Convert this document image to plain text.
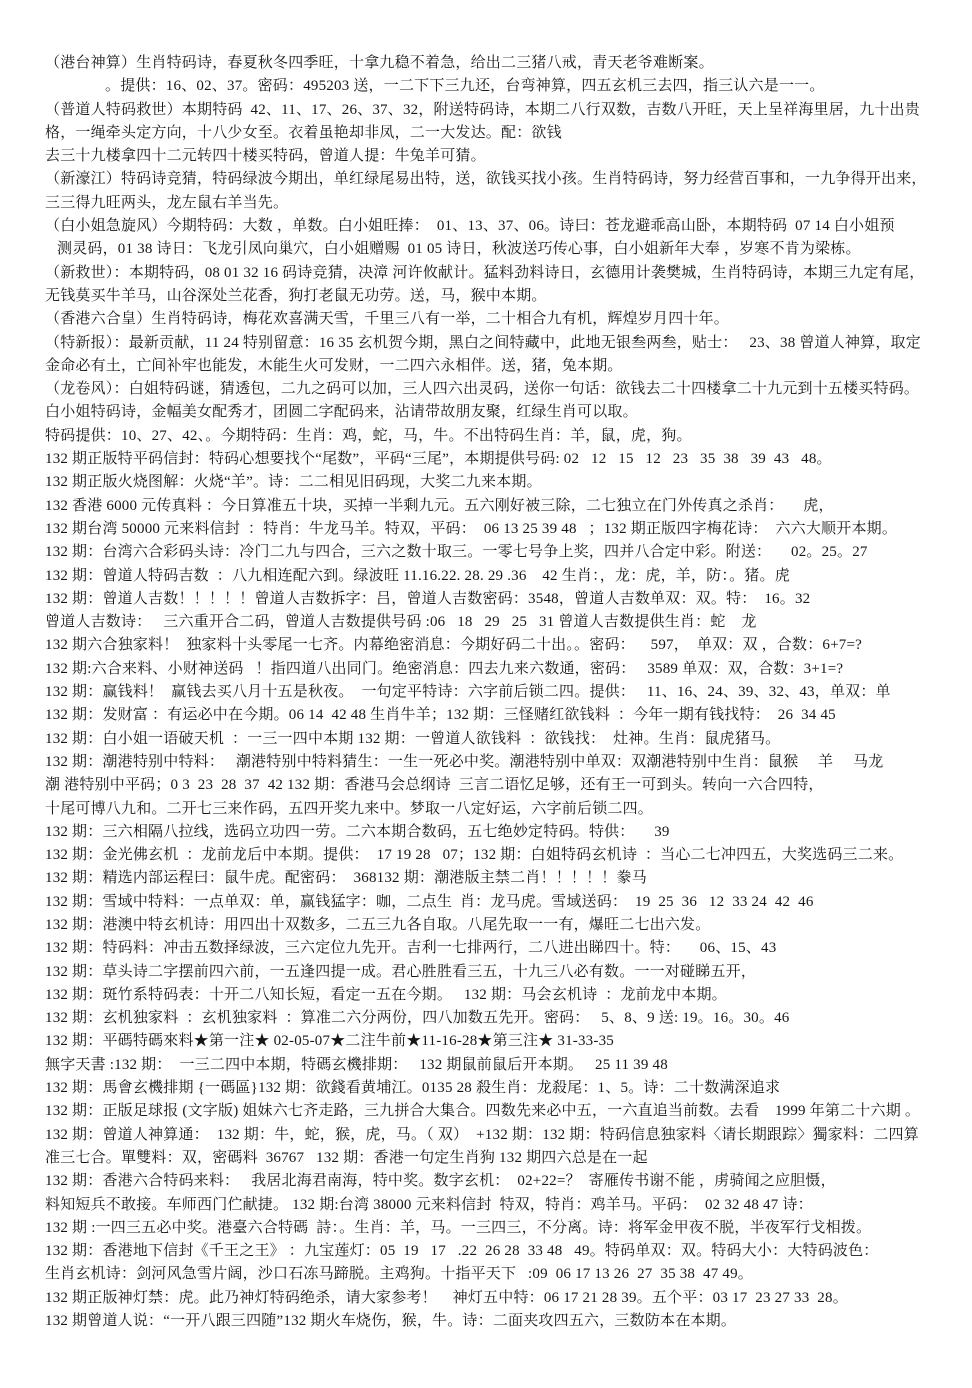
（港台神算）生肖特码诗，春夏秋冬四季旺，十拿九稳不着急，给出二三猪八戒，青天老爷难断案。

。提供：16、02、37。密码：495203 送，一二下下三九还，台弯神算，四五玄机三去四，指三认六是一一。

（普道人特码救世）本期特码  42、11、17、26、37、32，附送特码诗，本期二八行双数，吉数八开旺，天上呈祥海里居，九十出贵

格，一绳牵头定方向，十八少女至。衣着虽艳却非凤，二一大发达。配：欲钱

去三十九楼拿四十二元转四十楼买特码，曾道人提：牛兔羊可猜。

（新濠江）特码诗竞猜，特码绿波今期出，单红绿尾易出特，送，欲钱买找小孩。生肖特码诗，努力经营百事和，一九争得开出来，

三三得九旺两头，龙左鼠右羊当先。

（白小姐急旋风）今期特码：大数 ，单数。白小姐旺捧：  01、13、37、06。诗曰：苍龙避乖高山卧，本期特码  07 14 白小姐预

测灵码，01 38 诗日：飞龙引凤向巢穴，白小姐赠赐  01 05 诗日，秋波送巧传心事，白小姐新年大奉 ，岁寒不肯为梁栋。

（新救世）：本期特码，08 01 32 16 码诗竞猜，决漳 河许攸献计。猛料劲料诗日，玄德用计袭樊城，生肖特码诗，本期三九定有尾，

无钱莫买牛羊马，山谷深处兰花香，狗打老鼠无功劳。送，马，猴中本期。

（香港六合皇）生肖特码诗，梅花欢喜满天雪，千里三八有一举，二十相合九有机，辉煌岁月四十年。

（特新报）：最新贡献，11 24 特别留意：16 35 玄机贺今期，黑白之间特藏中，此地无银叁两叁，贴士：   23、38 曾道人神算，取定

金命必有土，亡间补牢也能发，木能生火可发财，一二四六永相伴。送，猪，兔本期。

（龙卷风）：白姐特码谜，猜透包，二九之码可以加，三人四六出灵码，送你一句话：欲钱去二十四楼拿二十九元到十五楼买特码。

白小姐特码诗，金幅美女配秀才，团圆二字配码来，沾请带故朋友聚，红绿生肖可以取。

特码提供：10、27、42、。今期特码：生肖：鸡，蛇，马，牛。不出特码生肖：羊，鼠，虎，狗。

132 期正版特平码信封：特码心想要找个“尾数”，平码“三尾”，本期提供号码: 02   12   15   12   23   35  38   39  43   48。

132 期正版火烧图解：火烧“羊”。诗：二二相见旧码现，大奖二九来本期。

132 香港 6000 元传真料 ：今日算准五十块，买掉一半剩九元。五六刚好被三除，二七独立在门外传真之杀肖：     虎，

132 期台湾 50000 元来料信封  ：特肖：牛龙马羊。特双，平码：  06 13 25 39 48   ；132 期正版四字梅花诗：  六六大顺开本期。

132 期：台湾六合彩码头诗：冷门二九与四合，三六之数十取三。一零七号争上奖，四并八合定中彩。附送：     02。25。27

132 期：曾道人特码吉数  ：八九相连配六到。绿波旺 11.16.22. 28. 29 .36    42 生肖：，龙：虎，羊，防：。猪。虎

132 期：曾道人吉数！！！！！曾道人吉数拆字：吕，曾道人吉数密码：3548，曾道人吉数单双：双。特：  16。32

曾道人吉数诗：   三六重开合二码，曾道人吉数提供号码 :06   18   29   25   31 曾道人吉数提供生肖：蛇    龙

132 期六合独家料！  独家料十头零尾一七齐。内幕绝密消息：今期好码二十出。。密码：    597，  单双：双 ，合数：6+7=?

132 期:六合来料、小财神送码   ！指四道八出同门。绝密消息：四去九来六数通，密码：   3589 单双：双，合数：3+1=?

132 期：赢钱料！  赢钱去买八月十五是秋夜。  一句定平特诗：六字前后锁二四。提供：   11、16、24、39、32、43，单双：单

132 期：发财富 ：有运必中在今期。06 14  42 48 生肖牛羊；132 期：三怪赌红欲钱料  ：今年一期有钱找特：  26  34 45

132 期：白小姐一语破天机  ：一三一四中本期 132 期：一曾道人欲钱料  ：欲钱找：  灶神。生肖：鼠虎猪马。

132 期：潮港特别中特料：   潮港特别中特料猜生：一生一死必中奖。潮港特别中单双：双潮港特别中生肖：鼠猴     羊     马龙

潮 港特别中平码；0 3  23  28  37  42 132 期：香港马会总纲诗  三言二语忆足够，还有王一可到头。转向一六合四特，

十尾可博八九和。二开七三来作码，五四开奖九来中。梦取一八定好运，六字前后锁二四。

132 期：三六相隔八拉线，选码立功四一劳。二六本期合数码，五七绝妙定特码。特供：     39

132 期：金光佛玄机  ：龙前龙后中本期。提供：  17 19 28   07；132 期：白姐特码玄机诗  ：当心二七冲四五，大奖选码三二来。

132 期：精选内部运程曰：鼠牛虎。配密码：  368132 期：潮港版主禁二肖！！！！！豢马

132 期：雪域中特料：一点单双：单，赢钱猛字：咖，二点生  肖：龙马虎。雪域送码：  19  25  36   12  33 24  42  46

132 期：港澳中特玄机诗：用四出十双数多，二五三九各自取。八尾先取一一有，爆旺二七出六发。

132 期：特码料：冲击五数择绿波，三六定位九先开。吉利一七排两行，二八进出睇四十。特：     06、15、43

132 期：草头诗二字摆前四六前，一五逢四提一成。君心胜胜看三五，十九三八必有数。一一对碰睇五开，

132 期：斑竹系特码表：十开二八知长短，看定一五在今期。   132 期：马会玄机诗  ：龙前龙中本期。

132 期：玄机独家料  ：玄机独家料  ：算准二六分两份，四八加数五先开。密码：   5、8、9 送: 19。16。30。46

132 期：平碼特碼來料★第一注★ 02-05-07★二注牛前★11-16-28★第三注★ 31-33-35

無字天書 :132 期：  一三二四中本期，特碼玄機排期：   132 期鼠前鼠后开本期。   25 11 39 48

132 期：馬會玄機排期 {一碼區}132 期：欲錢看黄埔江。0135 28 殺生肖：龙殺尾：1、5。诗：二十数满深追求

132 期：正版足球报 (文字版) 姐妹六七齐走路，三九拼合大集合。四数先来必中五，一六直追当前数。去看    1999 年第二十六期 。

132 期：曾道人神算通：  132 期：牛，蛇，猴，虎，马。（ 双）  +132 期：132 期：特码信息独家料〈请长期跟踪〉獨家料：二四算

准三七合。單雙料：双，密碼料  36767   132 期：香港一句定生肖狗 132 期四六总是在一起

132 期：香港六合特码来料：   我居北海君南海，特中奖。数字玄机：  02+22=？  寄雁传书谢不能 ，虏骑闻之应胆慑，

料知短兵不敢接。车师西门伫献捷。 132 期:台湾 38000 元来料信封  特双，特肖：鸡羊马。平码：  02 32 48 47 诗：

132 期 :一四三五必中奖。港臺六合特碼  詩：。生肖：羊，马。一三四三，不分离。诗：将军金甲夜不脱，半夜军行戈相拨。

132 期：香港地下信封《千王之王》 ：九宝莲灯：05  19   17   .22  26 28  33 48   49。特码单双：双。特码大小：大特码波色：

生肖玄机诗：剑河风急雪片阔，沙口石冻马蹄脱。主鸡狗。十指平天下   :09  06 17 13 26  27  35 38  47 49。

132 期正版神灯禁：虎。此乃神灯特码绝杀，请大家参考！    神灯五中特：06 17 21 28 39。五个平：03 17  23 27 33  28。

132 期曾道人说：“一开八跟三四随”132 期火车烧伤，猴，牛。诗：二面夹攻四五六，三数防本在本期。
